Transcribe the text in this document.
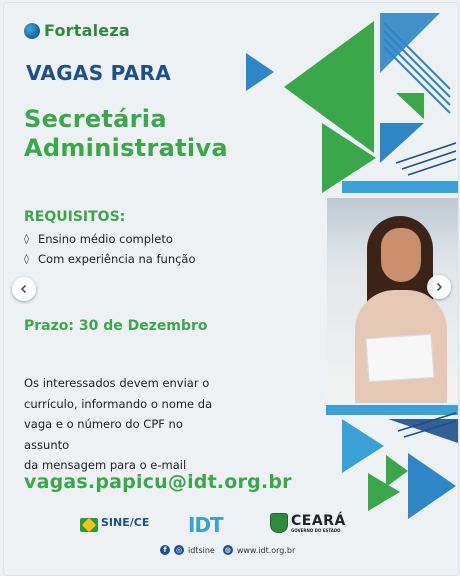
Fortaleza
VAGAS PARA
Secretária
Administrativa
REQUISITOS:
◊ Ensino médio completo
◊ Com experiência na função
Prazo: 30 de Dezembro
Os interessados devem enviar o
currículo, informando o nome da
vaga e o número do CPF no assunto
da mensagem para o e-mail
vagas.papicu@idt.org.br
SINE/CE
IDT
	CEARÁ
GOVERNO DO ESTADO
f	◎ idtsine ◍ www.idt.org.br
